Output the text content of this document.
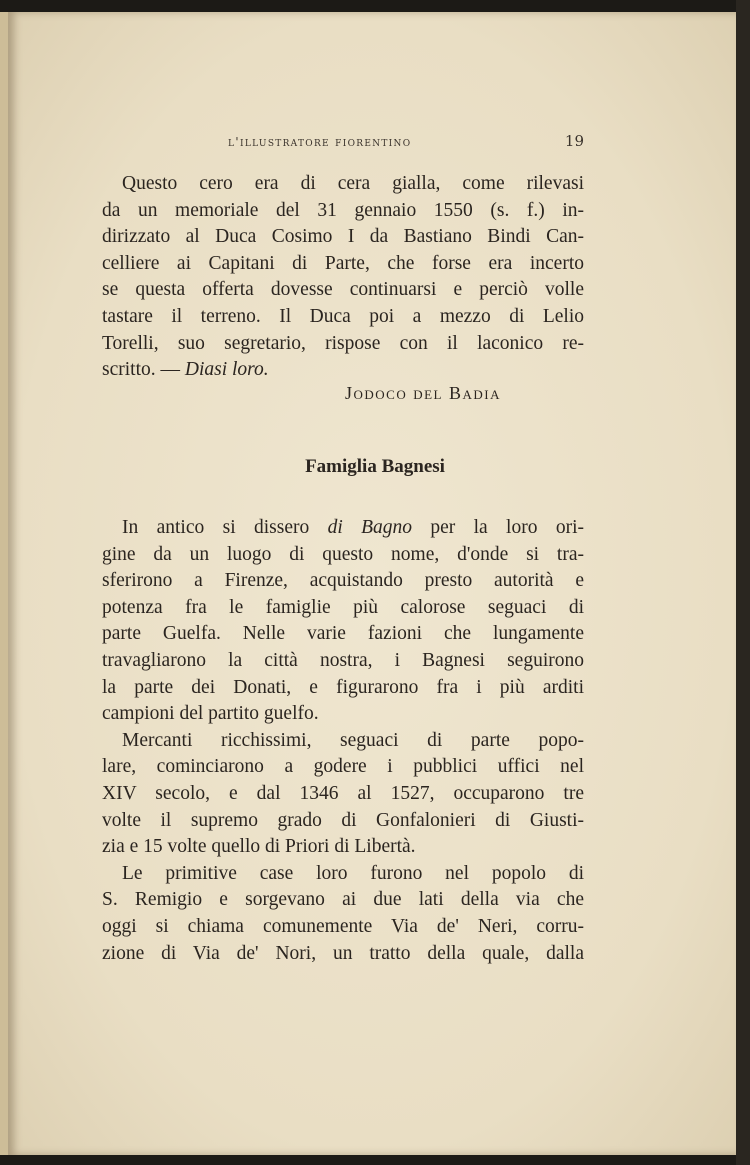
l'illustratore fiorentino	19
Questo cero era di cera gialla, come rilevasi
da un memoriale del 31 gennaio 1550 (s. f.) in-
dirizzato al Duca Cosimo I da Bastiano Bindi Can-
celliere ai Capitani di Parte, che forse era incerto
se questa offerta dovesse continuarsi e perciò volle
tastare il terreno. Il Duca poi a mezzo di Lelio
Torelli, suo segretario, rispose con il laconico re-
scritto. — Diasi loro.
Jodoco del Badia
Famiglia Bagnesi
In antico si dissero di Bagno per la loro ori-
gine da un luogo di questo nome, d'onde si tra-
sferirono a Firenze, acquistando presto autorità e
potenza fra le famiglie più calorose seguaci di
parte Guelfa. Nelle varie fazioni che lungamente
travagliarono la città nostra, i Bagnesi seguirono
la parte dei Donati, e figurarono fra i più arditi
campioni del partito guelfo.
Mercanti ricchissimi, seguaci di parte popo-
lare, cominciarono a godere i pubblici uffici nel
XIV secolo, e dal 1346 al 1527, occuparono tre
volte il supremo grado di Gonfalonieri di Giusti-
zia e 15 volte quello di Priori di Libertà.
Le primitive case loro furono nel popolo di
S. Remigio e sorgevano ai due lati della via che
oggi si chiama comunemente Via de' Neri, corru-
zione di Via de' Nori, un tratto della quale, dalla
